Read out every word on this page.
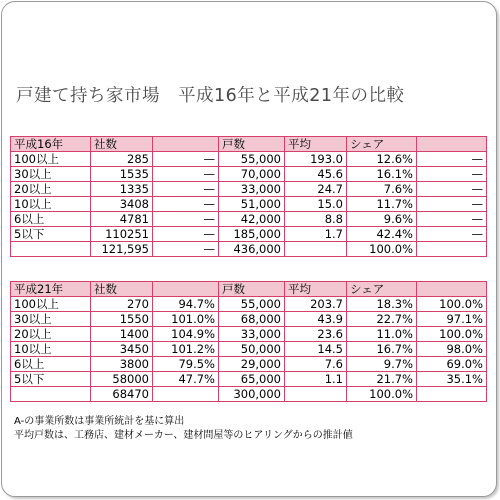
戸建て持ち家市場　平成16年と平成21年の比較
平成16年	社数		戸数	平均	シェア	
100以上	285	—	55,000	193.0	12.6%	—
30以上	1535	—	70,000	45.6	16.1%	—
20以上	1335	—	33,000	24.7	7.6%	—
10以上	3408	—	51,000	15.0	11.7%	—
6以上	4781	—	42,000	8.8	9.6%	—
5以下	110251	—	185,000	1.7	42.4%	—
	121,595	—	436,000		100.0%	
平成21年	社数		戸数	平均	シェア	
100以上	270	94.7%	55,000	203.7	18.3%	100.0%
30以上	1550	101.0%	68,000	43.9	22.7%	97.1%
20以上	1400	104.9%	33,000	23.6	11.0%	100.0%
10以上	3450	101.2%	50,000	14.5	16.7%	98.0%
6以上	3800	79.5%	29,000	7.6	9.7%	69.0%
5以下	58000	47.7%	65,000	1.1	21.7%	35.1%
	68470		300,000		100.0%	
A-の事業所数は事業所統計を基に算出
平均戸数は、工務店、建材メーカー、建材問屋等のヒアリングからの推計値
